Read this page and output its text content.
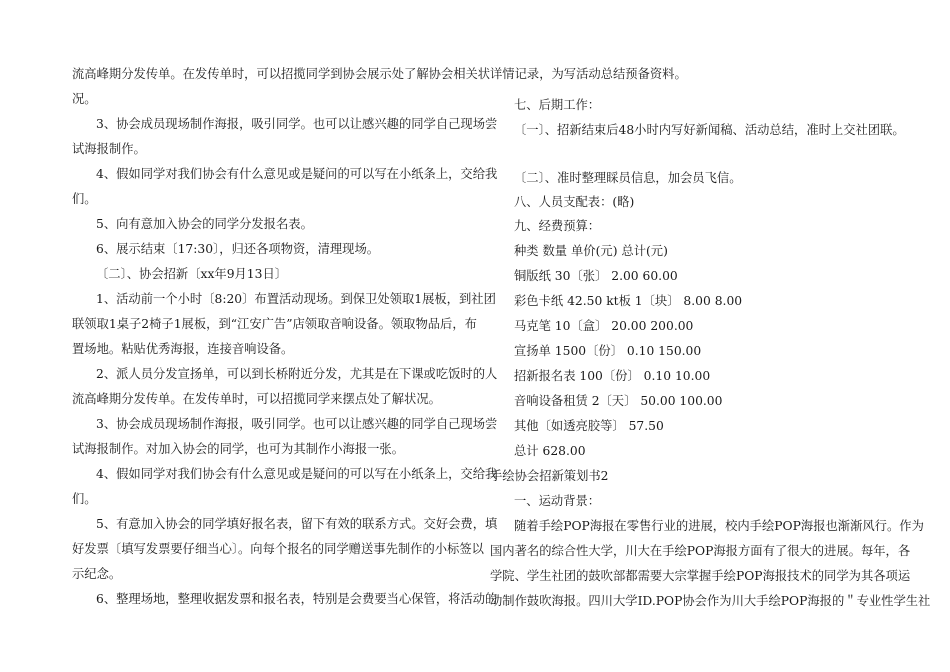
流高峰期分发传单。在发传单时，可以招揽同学到协会展示处了解协会相关状
况。
3、协会成员现场制作海报，吸引同学。也可以让感兴趣的同学自己现场尝
试海报制作。
4、假如同学对我们协会有什么意见或是疑问的可以写在小纸条上，交给我
们。
5、向有意加入协会的同学分发报名表。
6、展示结束〔17:30〕，归还各项物资，清理现场。
〔二〕、协会招新〔xx年9月13日〕
1、活动前一个小时〔8:20〕布置活动现场。到保卫处领取1展板，到社团
联领取1桌子2椅子1展板，到“江安广告”店领取音响设备。领取物品后，布
置场地。粘贴优秀海报，连接音响设备。
2、派人员分发宣扬单，可以到长桥附近分发，尤其是在下课或吃饭时的人
流高峰期分发传单。在发传单时，可以招揽同学来摆点处了解状况。
3、协会成员现场制作海报，吸引同学。也可以让感兴趣的同学自己现场尝
试海报制作。对加入协会的同学，也可为其制作小海报一张。
4、假如同学对我们协会有什么意见或是疑问的可以写在小纸条上，交给我
们。
5、有意加入协会的同学填好报名表，留下有效的联系方式。交好会费，填
好发票〔填写发票要仔细当心〕。向每个报名的同学赠送事先制作的小标签以
示纪念。
6、整理场地，整理收据发票和报名表，特别是会费要当心保管，将活动的
详情记录，为写活动总结预备资料。
七、后期工作：
〔一〕、招新结束后48小时内写好新闻稿、活动总结，准时上交社团联。
〔二〕、准时整理睬员信息，加会员飞信。
八、人员支配表：(略)
九、经费预算：
种类 数量 单价(元) 总计(元)
铜版纸 30〔张〕 2.00 60.00
彩色卡纸 42.50 kt板 1〔块〕 8.00 8.00
马克笔 10〔盒〕 20.00 200.00
宣扬单 1500〔份〕 0.10 150.00
招新报名表 100〔份〕 0.10 10.00
音响设备租赁 2〔天〕 50.00 100.00
其他〔如透亮胶等〕 57.50
总计 628.00
手绘协会招新策划书2
一、运动背景：
随着手绘POP海报在零售行业的进展，校内手绘POP海报也渐渐风行。作为
国内著名的综合性大学，川大在手绘POP海报方面有了很大的进展。每年，各
学院、学生社团的鼓吹部都需要大宗掌握手绘POP海报技术的同学为其各项运
动制作鼓吹海报。四川大学ID.POP协会作为川大手绘POP海报的＂专业性学生社
